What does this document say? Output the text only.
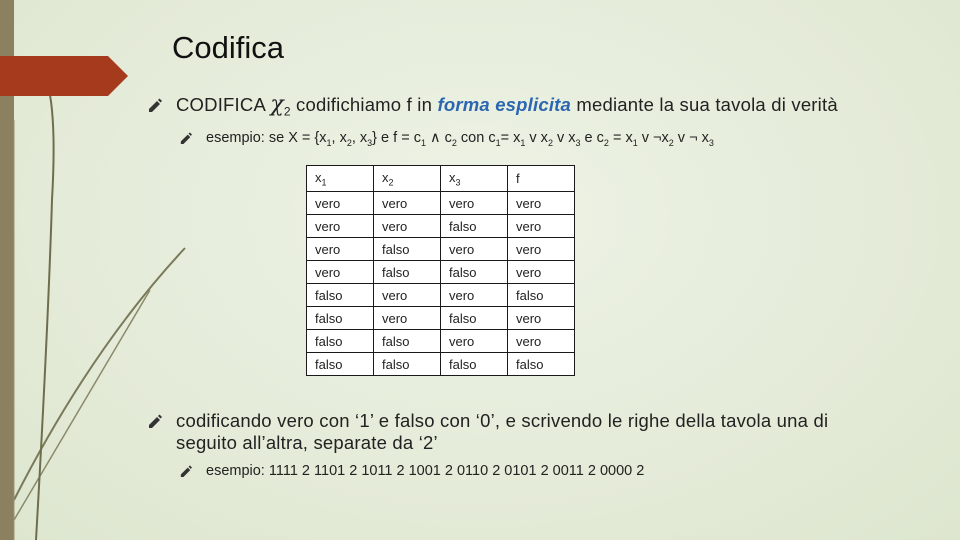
Codifica
CODIFICA $\chi_2$ codifichiamo f in forma esplicita mediante la sua tavola di verità
esempio: se $X = \{x_1$, $x_2$, $x_3$} e $f = c_1$ ∧ $c_2$ con $c_1= x_1$ v $x_2$ v $x_3$ e $c_2 = x_1$ v $\neg x_2$ v ¬ $x_3$
$x_1$	$x_2$	$x_3$	f
vero	vero	vero	vero
vero	vero	falso	vero
vero	falso	vero	vero
vero	falso	falso	vero
falso	vero	vero	falso
falso	vero	falso	vero
falso	falso	vero	vero
falso	falso	falso	falso
codificando vero con ‘1’ e falso con ‘0’, e scrivendo le righe della tavola una di seguito all’altra, separate da ‘2’
esempio: 1111 2 1101 2 1011 2 1001 2 0110 2 0101 2 0011 2 0000 2
